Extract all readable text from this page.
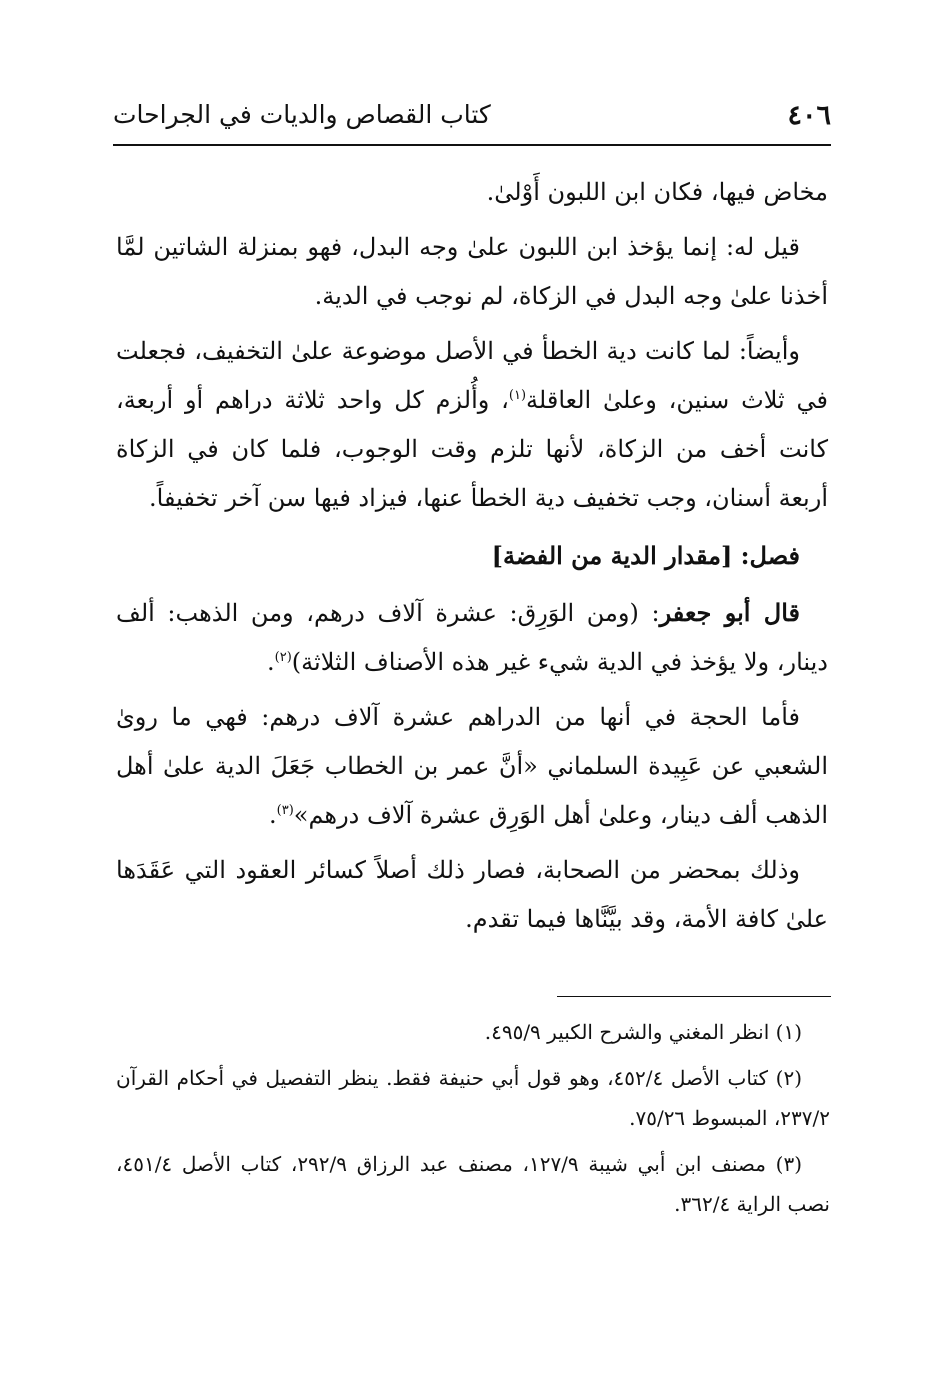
٤٠٦
كتاب القصاص والديات في الجراحات

مخاض فيها، فكان ابن اللبون أَوْلىٰ.

قيل له: إنما يؤخذ ابن اللبون علىٰ وجه البدل، فهو بمنزلة الشاتين لمَّا أخذنا علىٰ وجه البدل في الزكاة، لم نوجب في الدية.

وأيضاً: لما كانت دية الخطأ في الأصل موضوعة علىٰ التخفيف، فجعلت في ثلاث سنين، وعلىٰ العاقلة$^{(١)}$، وأُلزم كل واحد ثلاثة دراهم أو أربعة، كانت أخف من الزكاة، لأنها تلزم وقت الوجوب، فلما كان في الزكاة أربعة أسنان، وجب تخفيف دية الخطأ عنها، فيزاد فيها سن آخر تخفيفاً.

فصل: [مقدار الدية من الفضة]

قال أبو جعفر: (ومن الوَرِق: عشرة آلاف درهم، ومن الذهب: ألف دينار، ولا يؤخذ في الدية شيء غير هذه الأصناف الثلاثة)$^{(٢)}$.

فأما الحجة في أنها من الدراهم عشرة آلاف درهم: فهي ما روىٰ الشعبي عن عَبِيدة السلماني «أنَّ عمر بن الخطاب جَعَلَ الدية علىٰ أهل الذهب ألف دينار، وعلىٰ أهل الوَرِق عشرة آلاف درهم»$^{(٣)}$.

وذلك بمحضر من الصحابة، فصار ذلك أصلاً كسائر العقود التي عَقَدَها علىٰ كافة الأمة، وقد بيَّنَّاها فيما تقدم.

(١) انظر المغني والشرح الكبير ٤٩٥/٩.

(٢) كتاب الأصل ٤٥٢/٤، وهو قول أبي حنيفة فقط. ينظر التفصيل في أحكام القرآن ٢٣٧/٢، المبسوط ٧٥/٢٦.

(٣) مصنف ابن أبي شيبة ١٢٧/٩، مصنف عبد الرزاق ٢٩٢/٩، كتاب الأصل ٤٥١/٤، نصب الراية ٣٦٢/٤.
